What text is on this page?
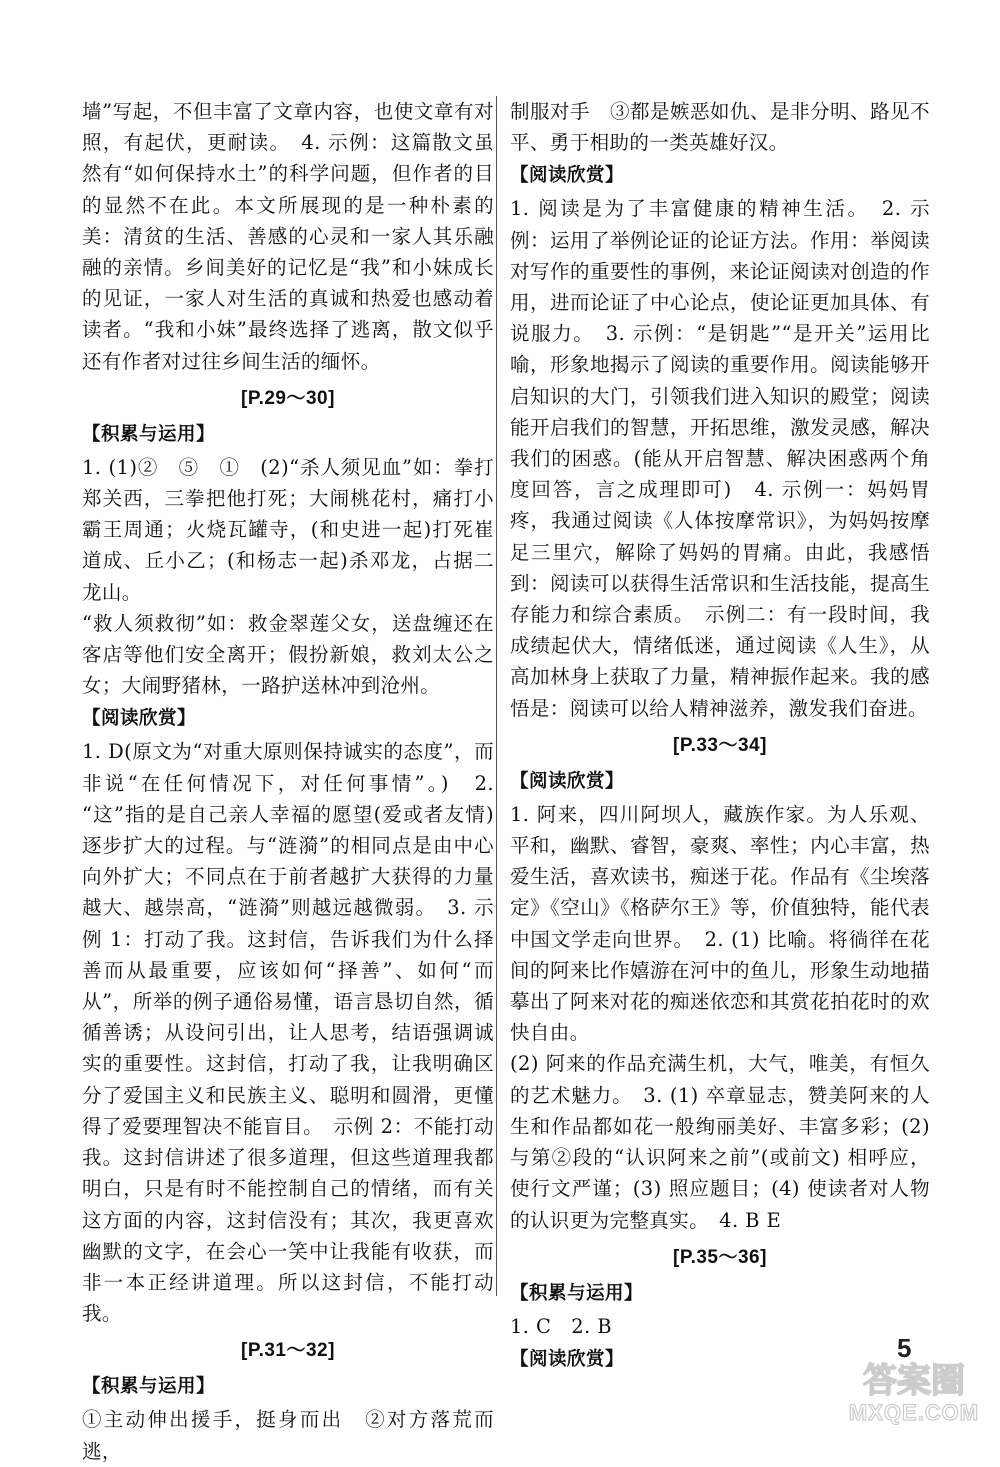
墙”写起，不但丰富了文章内容，也使文章有对照，有起伏，更耐读。　4. 示例：这篇散文虽然有“如何保持水土”的科学问题，但作者的目的显然不在此。本文所展现的是一种朴素的美：清贫的生活、善感的心灵和一家人其乐融融的亲情。乡间美好的记忆是“我”和小妹成长的见证，一家人对生活的真诚和热爱也感动着读者。“我和小妹”最终选择了逃离，散文似乎还有作者对过往乡间生活的缅怀。

[P.29～30]
【积累与运用】

1. (1)②　⑤　①　(2)“杀人须见血”如：拳打郑关西，三拳把他打死；大闹桃花村，痛打小霸王周通；火烧瓦罐寺，(和史进一起)打死崔道成、丘小乙；(和杨志一起)杀邓龙，占据二龙山。

“救人须救彻”如：救金翠莲父女，送盘缠还在客店等他们安全离开；假扮新娘，救刘太公之女；大闹野猪林，一路护送林冲到沧州。

【阅读欣赏】

1. D(原文为“对重大原则保持诚实的态度”，而非说“在任何情况下，对任何事情”。)　2. “这”指的是自己亲人幸福的愿望(爱或者友情)逐步扩大的过程。与“涟漪”的相同点是由中心向外扩大；不同点在于前者越扩大获得的力量越大、越崇高，“涟漪”则越远越微弱。　3. 示例 1：打动了我。这封信，告诉我们为什么择善而从最重要，应该如何“择善”、如何“而从”，所举的例子通俗易懂，语言恳切自然，循循善诱；从设问引出，让人思考，结语强调诚实的重要性。这封信，打动了我，让我明确区分了爱国主义和民族主义、聪明和圆滑，更懂得了爱要理智决不能盲目。　示例 2：不能打动我。这封信讲述了很多道理，但这些道理我都明白，只是有时不能控制自己的情绪，而有关这方面的内容，这封信没有；其次，我更喜欢幽默的文字，在会心一笑中让我能有收获，而非一本正经讲道理。所以这封信，不能打动我。

[P.31～32]
【积累与运用】

①主动伸出援手，挺身而出　②对方落荒而逃，

制服对手　③都是嫉恶如仇、是非分明、路见不平、勇于相助的一类英雄好汉。

【阅读欣赏】

1. 阅读是为了丰富健康的精神生活。　2. 示例：运用了举例论证的论证方法。作用：举阅读对写作的重要性的事例，来论证阅读对创造的作用，进而论证了中心论点，使论证更加具体、有说服力。　3. 示例：“是钥匙”“是开关”运用比喻，形象地揭示了阅读的重要作用。阅读能够开启知识的大门，引领我们进入知识的殿堂；阅读能开启我们的智慧，开拓思维，激发灵感，解决我们的困惑。(能从开启智慧、解决困惑两个角度回答，言之成理即可)　4. 示例一：妈妈胃疼，我通过阅读《人体按摩常识》，为妈妈按摩足三里穴，解除了妈妈的胃痛。由此，我感悟到：阅读可以获得生活常识和生活技能，提高生存能力和综合素质。　示例二：有一段时间，我成绩起伏大，情绪低迷，通过阅读《人生》，从高加林身上获取了力量，精神振作起来。我的感悟是：阅读可以给人精神滋养，激发我们奋进。

[P.33～34]
【阅读欣赏】

1. 阿来，四川阿坝人，藏族作家。为人乐观、平和，幽默、睿智，豪爽、率性；内心丰富，热爱生活，喜欢读书，痴迷于花。作品有《尘埃落定》《空山》《格萨尔王》等，价值独特，能代表中国文学走向世界。　2. (1) 比喻。将徜徉在花间的阿来比作嬉游在河中的鱼儿，形象生动地描摹出了阿来对花的痴迷依恋和其赏花拍花时的欢快自由。

(2) 阿来的作品充满生机，大气，唯美，有恒久的艺术魅力。　3. (1) 卒章显志，赞美阿来的人生和作品都如花一般绚丽美好、丰富多彩；(2) 与第②段的“认识阿来之前”(或前文) 相呼应，使行文严谨；(3) 照应题目；(4) 使读者对人物的认识更为完整真实。　4. B E

[P.35～36]
【积累与运用】

1. C　2. B

【阅读欣赏】	5
答案圈
MXQE.COM
